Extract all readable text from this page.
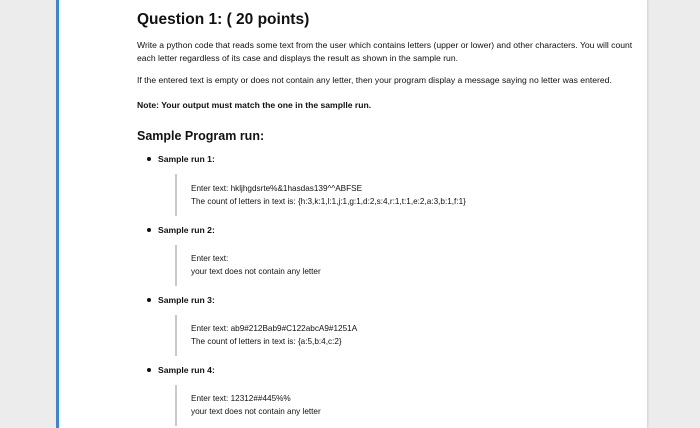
Question 1: ( 20 points)

Write a python code that reads some text from the user which contains letters (upper or lower) and other characters. You will count each letter regardless of its case and displays the result as shown in the sample run.

If the entered text is empty or does not contain any letter, then your program display a message saying no letter was entered.

Note: Your output must match the one in the samplle run.

Sample Program run:
Sample run 1:
Enter text: hkljhgdsrte%&1hasdas139^^ABFSE
The count of letters in text is: {h:3,k:1,l:1,j:1,g:1,d:2,s:4,r:1,t:1,e:2,a:3,b:1,f:1}
Sample run 2:
Enter text:
your text does not contain any letter
Sample run 3:
Enter text: ab9#212Bab9#C122abcA9#1251A
The count of letters in text is: {a:5,b:4,c:2}
Sample run 4:
Enter text: 12312##445%%
your text does not contain any letter
